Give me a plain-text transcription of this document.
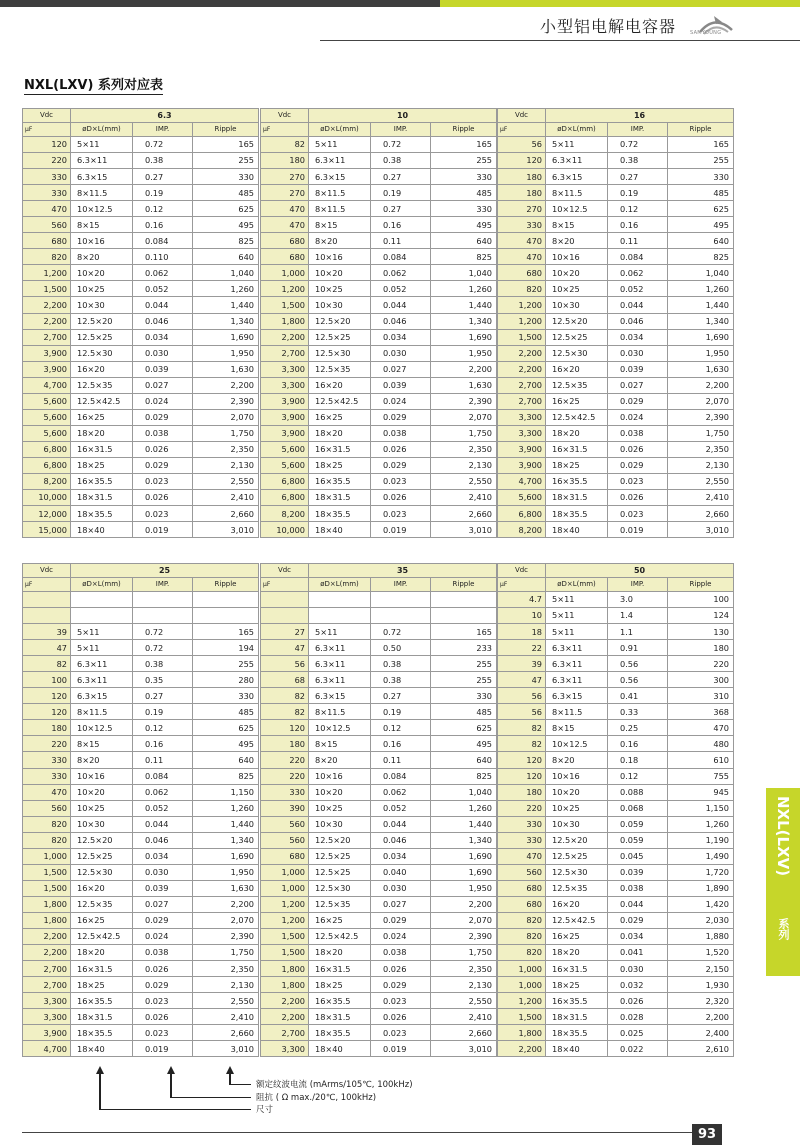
小型铝电解电容器	SAMYOUNG
NXL(LXV) 系列对应表
Vdc	6.3		
μF	øD×L(mm)	IMP.	Ripple
120	5×11	0.72	165
220	6.3×11	0.38	255
330	6.3×15	0.27	330
330	8×11.5	0.19	485
470	10×12.5	0.12	625
560	8×15	0.16	495
680	10×16	0.084	825
820	8×20	0.110	640
1,200	10×20	0.062	1,040
1,500	10×25	0.052	1,260
2,200	10×30	0.044	1,440
2,200	12.5×20	0.046	1,340
2,700	12.5×25	0.034	1,690
3,900	12.5×30	0.030	1,950
3,900	16×20	0.039	1,630
4,700	12.5×35	0.027	2,200
5,600	12.5×42.5	0.024	2,390
5,600	16×25	0.029	2,070
5,600	18×20	0.038	1,750
6,800	16×31.5	0.026	2,350
6,800	18×25	0.029	2,130
8,200	16×35.5	0.023	2,550
10,000	18×31.5	0.026	2,410
12,000	18×35.5	0.023	2,660
15,000	18×40	0.019	3,010
Vdc	10		
μF	øD×L(mm)	IMP.	Ripple
82	5×11	0.72	165
180	6.3×11	0.38	255
270	6.3×15	0.27	330
270	8×11.5	0.19	485
470	8×11.5	0.27	330
470	8×15	0.16	495
680	8×20	0.11	640
680	10×16	0.084	825
1,000	10×20	0.062	1,040
1,200	10×25	0.052	1,260
1,500	10×30	0.044	1,440
1,800	12.5×20	0.046	1,340
2,200	12.5×25	0.034	1,690
2,700	12.5×30	0.030	1,950
3,300	12.5×35	0.027	2,200
3,300	16×20	0.039	1,630
3,900	12.5×42.5	0.024	2,390
3,900	16×25	0.029	2,070
3,900	18×20	0.038	1,750
5,600	16×31.5	0.026	2,350
5,600	18×25	0.029	2,130
6,800	16×35.5	0.023	2,550
6,800	18×31.5	0.026	2,410
8,200	18×35.5	0.023	2,660
10,000	18×40	0.019	3,010
Vdc	16		
μF	øD×L(mm)	IMP.	Ripple
56	5×11	0.72	165
120	6.3×11	0.38	255
180	6.3×15	0.27	330
180	8×11.5	0.19	485
270	10×12.5	0.12	625
330	8×15	0.16	495
470	8×20	0.11	640
470	10×16	0.084	825
680	10×20	0.062	1,040
820	10×25	0.052	1,260
1,200	10×30	0.044	1,440
1,200	12.5×20	0.046	1,340
1,500	12.5×25	0.034	1,690
2,200	12.5×30	0.030	1,950
2,200	16×20	0.039	1,630
2,700	12.5×35	0.027	2,200
2,700	16×25	0.029	2,070
3,300	12.5×42.5	0.024	2,390
3,300	18×20	0.038	1,750
3,900	16×31.5	0.026	2,350
3,900	18×25	0.029	2,130
4,700	16×35.5	0.023	2,550
5,600	18×31.5	0.026	2,410
6,800	18×35.5	0.023	2,660
8,200	18×40	0.019	3,010
Vdc	25		
μF	øD×L(mm)	IMP.	Ripple

39	5×11	0.72	165
47	5×11	0.72	194
82	6.3×11	0.38	255
100	6.3×11	0.35	280
120	6.3×15	0.27	330
120	8×11.5	0.19	485
180	10×12.5	0.12	625
220	8×15	0.16	495
330	8×20	0.11	640
330	10×16	0.084	825
470	10×20	0.062	1,150
560	10×25	0.052	1,260
820	10×30	0.044	1,440
820	12.5×20	0.046	1,340
1,000	12.5×25	0.034	1,690
1,500	12.5×30	0.030	1,950
1,500	16×20	0.039	1,630
1,800	12.5×35	0.027	2,200
1,800	16×25	0.029	2,070
2,200	12.5×42.5	0.024	2,390
2,200	18×20	0.038	1,750
2,700	16×31.5	0.026	2,350
2,700	18×25	0.029	2,130
3,300	16×35.5	0.023	2,550
3,300	18×31.5	0.026	2,410
3,900	18×35.5	0.023	2,660
4,700	18×40	0.019	3,010
Vdc	35		
μF	øD×L(mm)	IMP.	Ripple

27	5×11	0.72	165
47	6.3×11	0.50	233
56	6.3×11	0.38	255
68	6.3×11	0.38	255
82	6.3×15	0.27	330
82	8×11.5	0.19	485
120	10×12.5	0.12	625
180	8×15	0.16	495
220	8×20	0.11	640
220	10×16	0.084	825
330	10×20	0.062	1,040
390	10×25	0.052	1,260
560	10×30	0.044	1,440
560	12.5×20	0.046	1,340
680	12.5×25	0.034	1,690
1,000	12.5×25	0.040	1,690
1,000	12.5×30	0.030	1,950
1,200	12.5×35	0.027	2,200
1,200	16×25	0.029	2,070
1,500	12.5×42.5	0.024	2,390
1,500	18×20	0.038	1,750
1,800	16×31.5	0.026	2,350
1,800	18×25	0.029	2,130
2,200	16×35.5	0.023	2,550
2,200	18×31.5	0.026	2,410
2,700	18×35.5	0.023	2,660
3,300	18×40	0.019	3,010
Vdc	50		
μF	øD×L(mm)	IMP.	Ripple
4.7	5×11	3.0	100
10	5×11	1.4	124
18	5×11	1.1	130
22	6.3×11	0.91	180
39	6.3×11	0.56	220
47	6.3×11	0.56	300
56	6.3×15	0.41	310
56	8×11.5	0.33	368
82	8×15	0.25	470
82	10×12.5	0.16	480
120	8×20	0.18	610
120	10×16	0.12	755
180	10×20	0.088	945
220	10×25	0.068	1,150
330	10×30	0.059	1,260
330	12.5×20	0.059	1,190
470	12.5×25	0.045	1,490
560	12.5×30	0.039	1,720
680	12.5×35	0.038	1,890
680	16×20	0.044	1,420
820	12.5×42.5	0.029	2,030
820	16×25	0.034	1,880
820	18×20	0.041	1,520
1,000	16×31.5	0.030	2,150
1,000	18×25	0.032	1,930
1,200	16×35.5	0.026	2,320
1,500	18×31.5	0.028	2,200
1,800	18×35.5	0.025	2,400
2,200	18×40	0.022	2,610
额定纹波电流 (mArms/105℃, 100kHz)
阻抗 ( Ω max./20℃, 100kHz)
尺寸
NXL(LXV)
系列
93
